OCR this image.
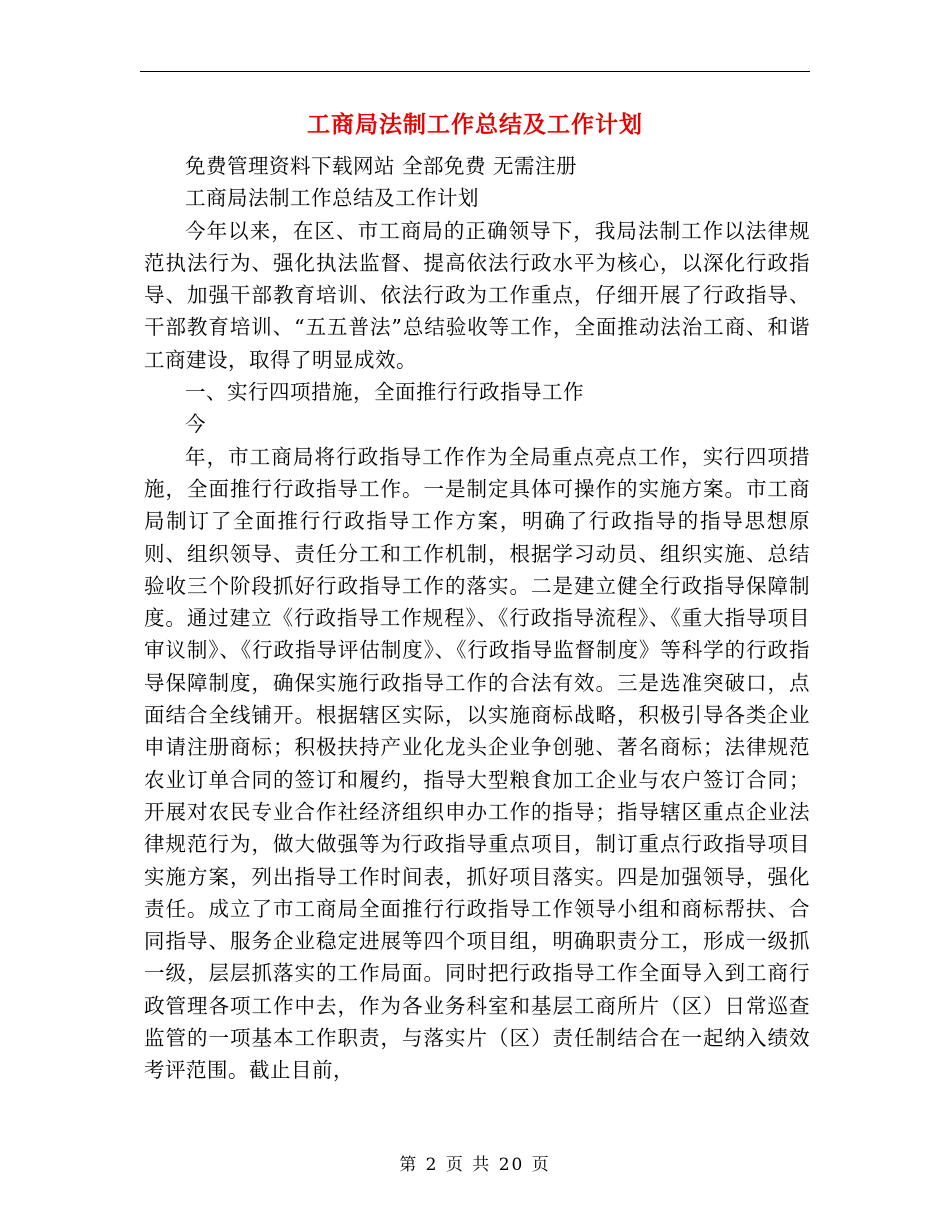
工商局法制工作总结及工作计划

免费管理资料下载网站 全部免费 无需注册

工商局法制工作总结及工作计划

今年以来，在区、市工商局的正确领导下，我局法制工作以法律规范执法行为、强化执法监督、提高依法行政水平为核心，以深化行政指导、加强干部教育培训、依法行政为工作重点，仔细开展了行政指导、干部教育培训、“五五普法”总结验收等工作，全面推动法治工商、和谐工商建设，取得了明显成效。

一、实行四项措施，全面推行行政指导工作

今

年，市工商局将行政指导工作作为全局重点亮点工作，实行四项措施，全面推行行政指导工作。一是制定具体可操作的实施方案。市工商局制订了全面推行行政指导工作方案，明确了行政指导的指导思想原则、组织领导、责任分工和工作机制，根据学习动员、组织实施、总结验收三个阶段抓好行政指导工作的落实。二是建立健全行政指导保障制度。通过建立《行政指导工作规程》、《行政指导流程》、《重大指导项目审议制》、《行政指导评估制度》、《行政指导监督制度》等科学的行政指导保障制度，确保实施行政指导工作的合法有效。三是选准突破口，点面结合全线铺开。根据辖区实际，以实施商标战略，积极引导各类企业申请注册商标；积极扶持产业化龙头企业争创驰、著名商标；法律规范农业订单合同的签订和履约，指导大型粮食加工企业与农户签订合同；开展对农民专业合作社经济组织申办工作的指导；指导辖区重点企业法律规范行为，做大做强等为行政指导重点项目，制订重点行政指导项目实施方案，列出指导工作时间表，抓好项目落实。四是加强领导，强化责任。成立了市工商局全面推行行政指导工作领导小组和商标帮扶、合同指导、服务企业稳定进展等四个项目组，明确职责分工，形成一级抓一级，层层抓落实的工作局面。同时把行政指导工作全面导入到工商行政管理各项工作中去，作为各业务科室和基层工商所片（区）日常巡查监管的一项基本工作职责，与落实片（区）责任制结合在一起纳入绩效考评范围。截止目前，

第 2 页 共 20 页
